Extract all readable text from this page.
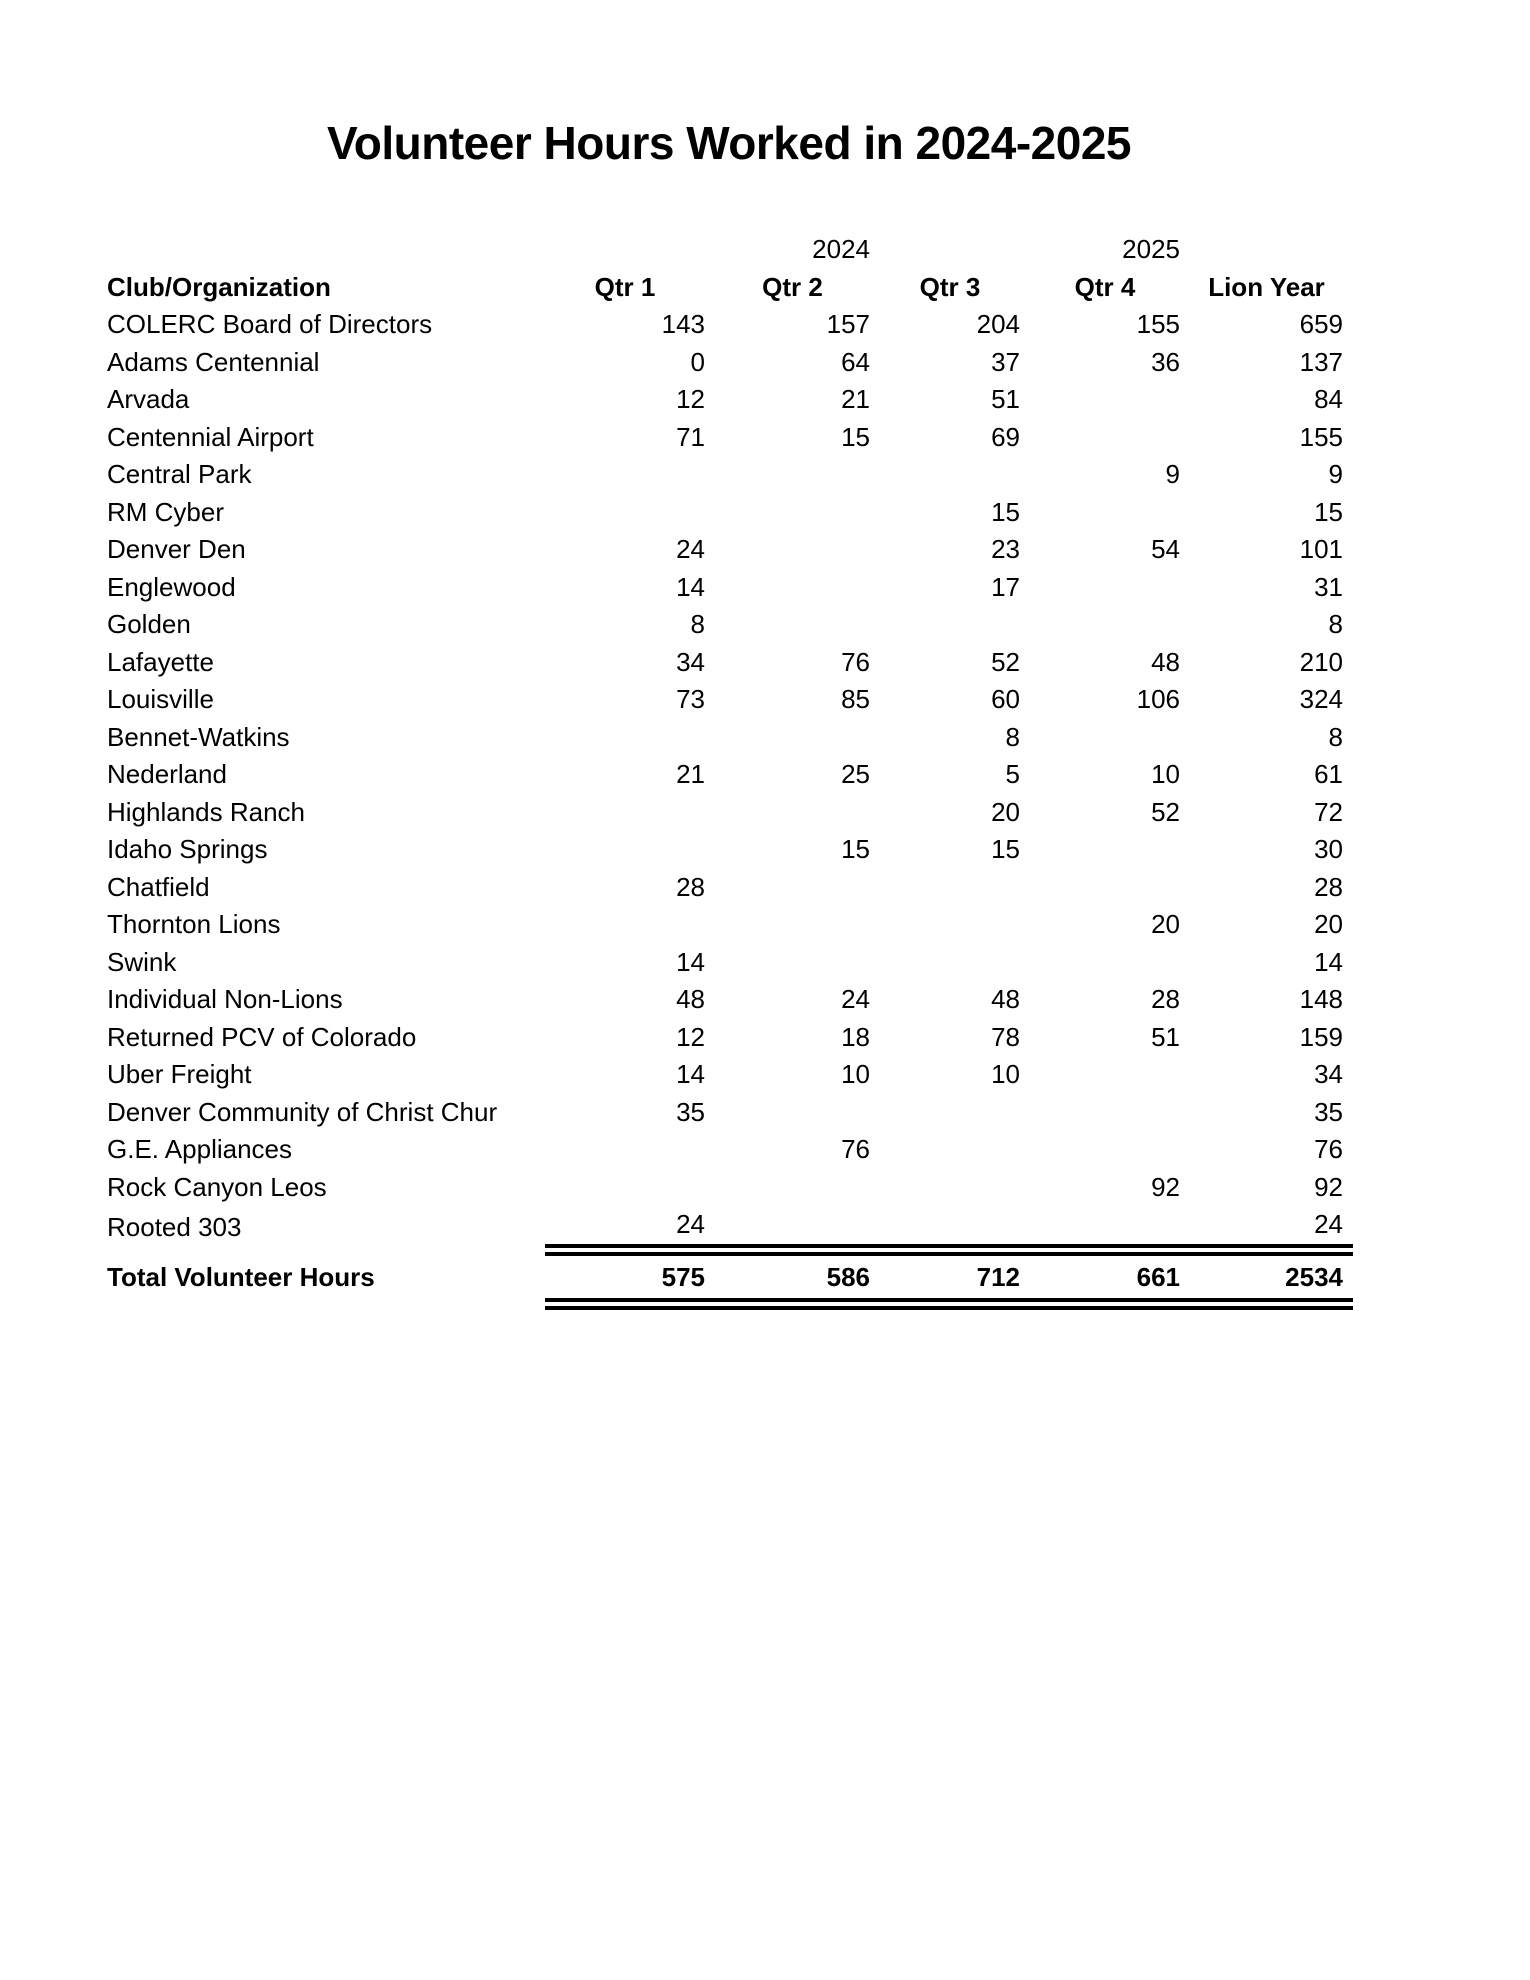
Volunteer Hours Worked in 2024-2025
	2024		2025		
Club/Organization	Qtr 1	Qtr 2	Qtr 3	Qtr 4	Lion Year
COLERC Board of Directors	143	157	204	155	659
Adams Centennial	0	64	37	36	137
Arvada	12	21	51		84
Centennial Airport	71	15	69		155
Central Park				9	9
RM Cyber			15		15
Denver Den	24		23	54	101
Englewood	14		17		31
Golden	8				8
Lafayette	34	76	52	48	210
Louisville	73	85	60	106	324
Bennet-Watkins			8		8
Nederland	21	25	5	10	61
Highlands Ranch			20	52	72
Idaho Springs		15	15		30
Chatfield	28				28
Thornton Lions				20	20
Swink	14				14
Individual Non-Lions	48	24	48	28	148
Returned PCV of Colorado	12	18	78	51	159
Uber Freight	14	10	10		34
Denver Community of Christ Chur	35				35
G.E. Appliances		76			76
Rock Canyon Leos				92	92
Rooted 303	24				24
Total Volunteer Hours	575	586	712	661	2534
